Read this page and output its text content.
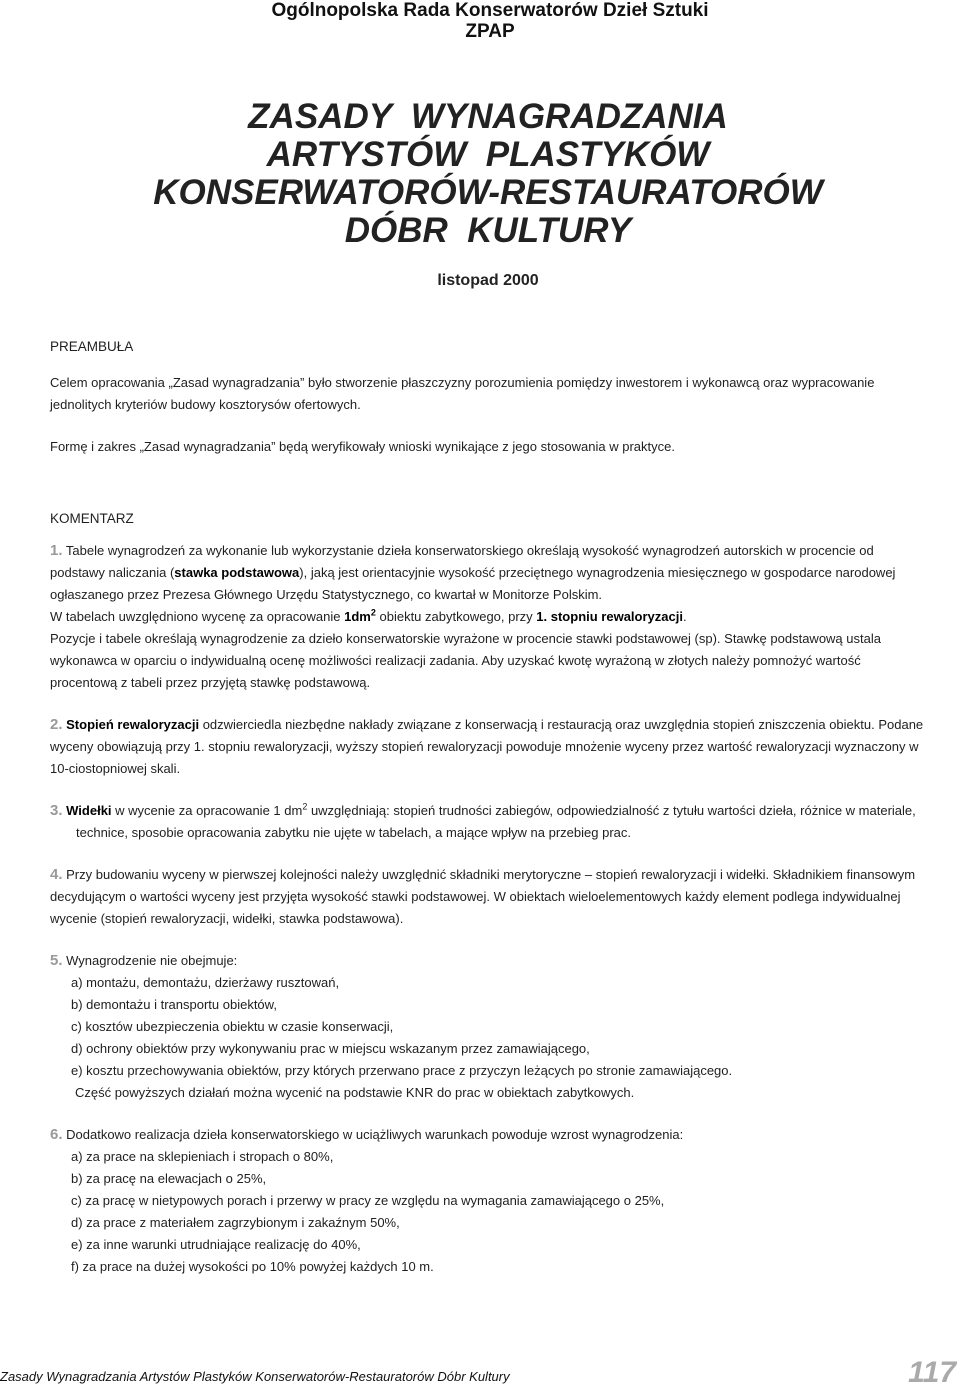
Ogólnopolska Rada Konserwatorów Dzieł Sztuki
ZPAP
ZASADY  WYNAGRADZANIA
ARTYSTÓW  PLASTYKÓW
KONSERWATORÓW-RESTAURATORÓW
DÓBR  KULTURY
listopad 2000

PREAMBUŁA

Celem opracowania „Zasad wynagradzania” było stworzenie płaszczyzny porozumienia pomiędzy inwestorem i wykonawcą oraz wypracowanie jednolitych kryteriów budowy kosztorysów ofertowych.

Formę i zakres „Zasad wynagradzania” będą weryfikowały wnioski wynikające z jego stosowania w praktyce.

KOMENTARZ

1. Tabele wynagrodzeń za wykonanie lub wykorzystanie dzieła konserwatorskiego określają wysokość wynagrodzeń autorskich w procencie od podstawy naliczania (stawka podstawowa), jaką jest orientacyjnie wysokość przeciętnego wynagrodzenia miesięcznego w gospodarce narodowej ogłaszanego przez Prezesa Głównego Urzędu Statystycznego, co kwartał w Monitorze Polskim.

W tabelach uwzględniono wycenę za opracowanie $1dm^2$ obiektu zabytkowego, przy 1. stopniu rewaloryzacji.

Pozycje i tabele określają wynagrodzenie za dzieło konserwatorskie wyrażone w procencie stawki podstawowej (sp). Stawkę podstawową ustala wykonawca w oparciu o indywidualną ocenę możliwości realizacji zadania. Aby uzyskać kwotę wyrażoną w złotych należy pomnożyć wartość procentową z tabeli przez przyjętą stawkę podstawową.

2. Stopień rewaloryzacji odzwierciedla niezbędne nakłady związane z konserwacją i restauracją oraz uwzględnia stopień zniszczenia obiektu. Podane wyceny obowiązują przy 1. stopniu rewaloryzacji, wyższy stopień rewaloryzacji powoduje mnożenie wyceny przez wartość rewaloryzacji wyznaczony w 10-ciostopniowej skali.

3. Widełki w wycenie za opracowanie 1 $dm^2$ uwzględniają: stopień trudności zabiegów, odpowiedzialność z tytułu wartości dzieła, różnice w materiale,

technice, sposobie opracowania zabytku nie ujęte w tabelach, a mające wpływ na przebieg prac.

4. Przy budowaniu wyceny w pierwszej kolejności należy uwzględnić składniki merytoryczne – stopień rewaloryzacji i widełki. Składnikiem finansowym decydującym o wartości wyceny jest przyjęta wysokość stawki podstawowej. W obiektach wieloelementowych każdy element podlega indywidualnej wycenie (stopień rewaloryzacji, widełki, stawka podstawowa).

5. Wynagrodzenie nie obejmuje:

a) montażu, demontażu, dzierżawy rusztowań,

b) demontażu i transportu obiektów,

c) kosztów ubezpieczenia obiektu w czasie konserwacji,

d) ochrony obiektów przy wykonywaniu prac w miejscu wskazanym przez zamawiającego,

e) kosztu przechowywania obiektów, przy których przerwano prace z przyczyn leżących po stronie zamawiającego.

Część powyższych działań można wycenić na podstawie KNR do prac w obiektach zabytkowych.

6. Dodatkowo realizacja dzieła konserwatorskiego w uciążliwych warunkach powoduje wzrost wynagrodzenia:

a) za prace na sklepieniach i stropach o 80%,

b) za pracę na elewacjach o 25%,

c) za pracę w nietypowych porach i przerwy w pracy ze względu na wymagania zamawiającego o 25%,

d) za prace z materiałem zagrzybionym i zakaźnym 50%,

e) za inne warunki utrudniające realizację do 40%,

f) za prace na dużej wysokości po 10% powyżej każdych 10 m.

Zasady Wynagradzania Artystów Plastyków Konserwatorów-Restauratorów Dóbr Kultury	117
